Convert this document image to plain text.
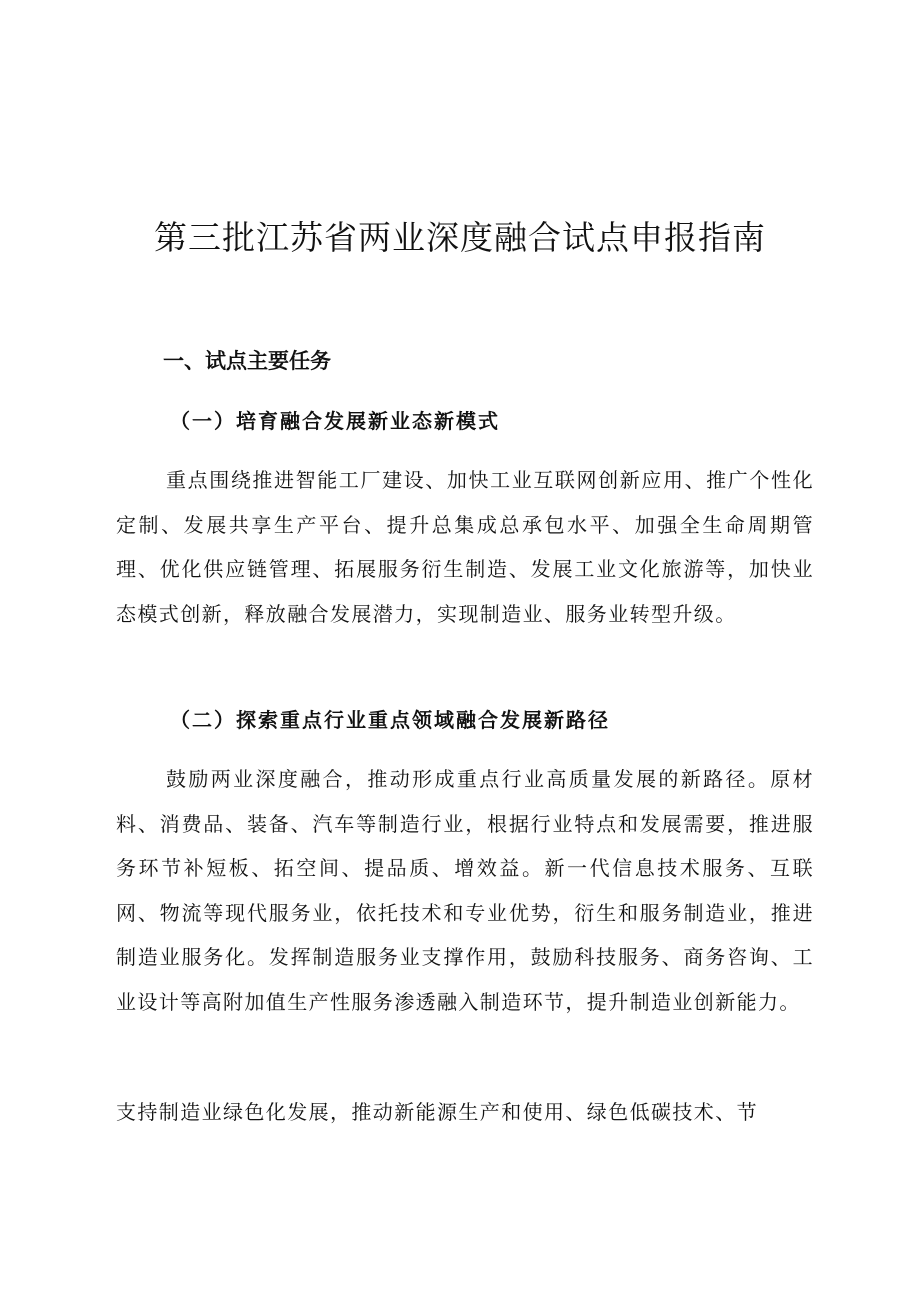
第三批江苏省两业深度融合试点申报指南
一、试点主要任务
（一）培育融合发展新业态新模式

重点围绕推进智能工厂建设、加快工业互联网创新应用、推广个性化定制、发展共享生产平台、提升总集成总承包水平、加强全生命周期管理、优化供应链管理、拓展服务衍生制造、发展工业文化旅游等，加快业态模式创新，释放融合发展潜力，实现制造业、服务业转型升级。

（二）探索重点行业重点领域融合发展新路径

鼓励两业深度融合，推动形成重点行业高质量发展的新路径。原材料、消费品、装备、汽车等制造行业，根据行业特点和发展需要，推进服务环节补短板、拓空间、提品质、增效益。新一代信息技术服务、互联网、物流等现代服务业，依托技术和专业优势，衍生和服务制造业，推进制造业服务化。发挥制造服务业支撑作用，鼓励科技服务、商务咨询、工业设计等高附加值生产性服务渗透融入制造环节，提升制造业创新能力。

支持制造业绿色化发展，推动新能源生产和使用、绿色低碳技术、节
